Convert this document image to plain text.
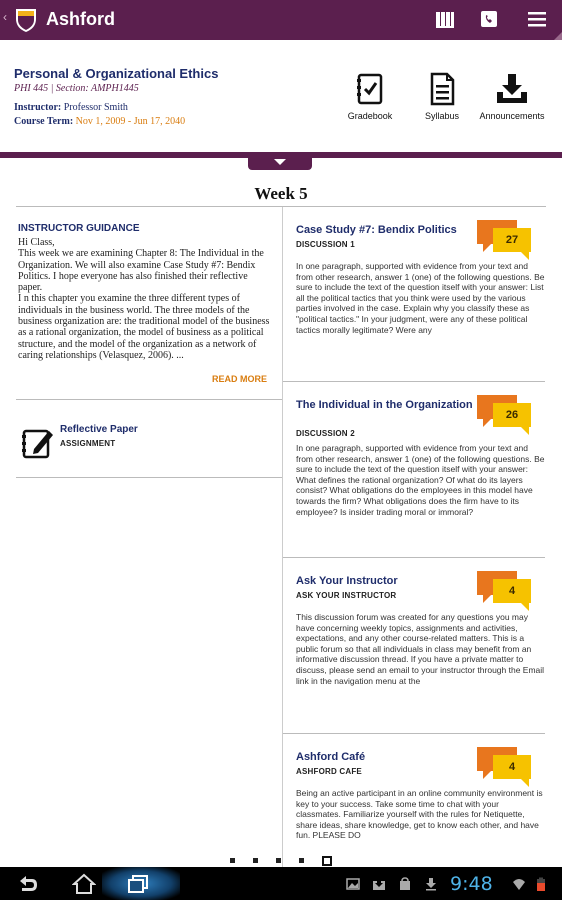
‹ Ashford
Personal & Organizational Ethics
PHI 445 | Section: AMPH1445
Instructor: Professor Smith
Course Term: Nov 1, 2009 - Jun 17, 2040	Gradebook	Syllabus	Announcements
Week 5
INSTRUCTOR GUIDANCE
Hi Class,
This week we are examining Chapter 8: The Individual in the Organization. We will also examine Case Study #7: Bendix Politics. I hope everyone has also finished their reflective paper.
I n this chapter you examine the three different types of individuals in the business world. The three models of the business organization are: the traditional model of the business as a rational organization, the model of business as a political structure, and the model of the organization as a network of caring relationships (Velasquez, 2006). ...
READ MORE
Reflective Paper
ASSIGNMENT
Case Study #7: Bendix Politics
DISCUSSION 1	27
In one paragraph, supported with evidence from your text and from other research, answer 1 (one) of the following questions. Be sure to include the text of the question itself with your answer: List all the political tactics that you think were used by the various parties involved in the case. Explain why you classify these as "political tactics." In your judgment, were any of these political tactics morally legitimate? Were any
The Individual in the Organization
DISCUSSION 2
26
In one paragraph, supported with evidence from your text and from other research, answer 1 (one) of the following questions. Be sure to include the text of the question itself with your answer: What defines the rational organization? Of what do its layers consist? What obligations do the employees in this model have towards the firm? What obligations does the firm have to its employee? Is insider trading moral or immoral?
Ask Your Instructor
ASK YOUR INSTRUCTOR	4
This discussion forum was created for any questions you may have concerning weekly topics, assignments and activities, expectations, and any other course-related matters. This is a public forum so that all individuals in class may benefit from an informative discussion thread. If you have a private matter to discuss, please send an email to your instructor through the Email link in the navigation menu at the
Ashford Café
ASHFORD CAFE	4
Being an active participant in an online community environment is key to your success. Take some time to chat with your classmates. Familiarize yourself with the rules for Netiquette, share ideas, share knowledge, get to know each other, and have fun. PLEASE DO
9:48
